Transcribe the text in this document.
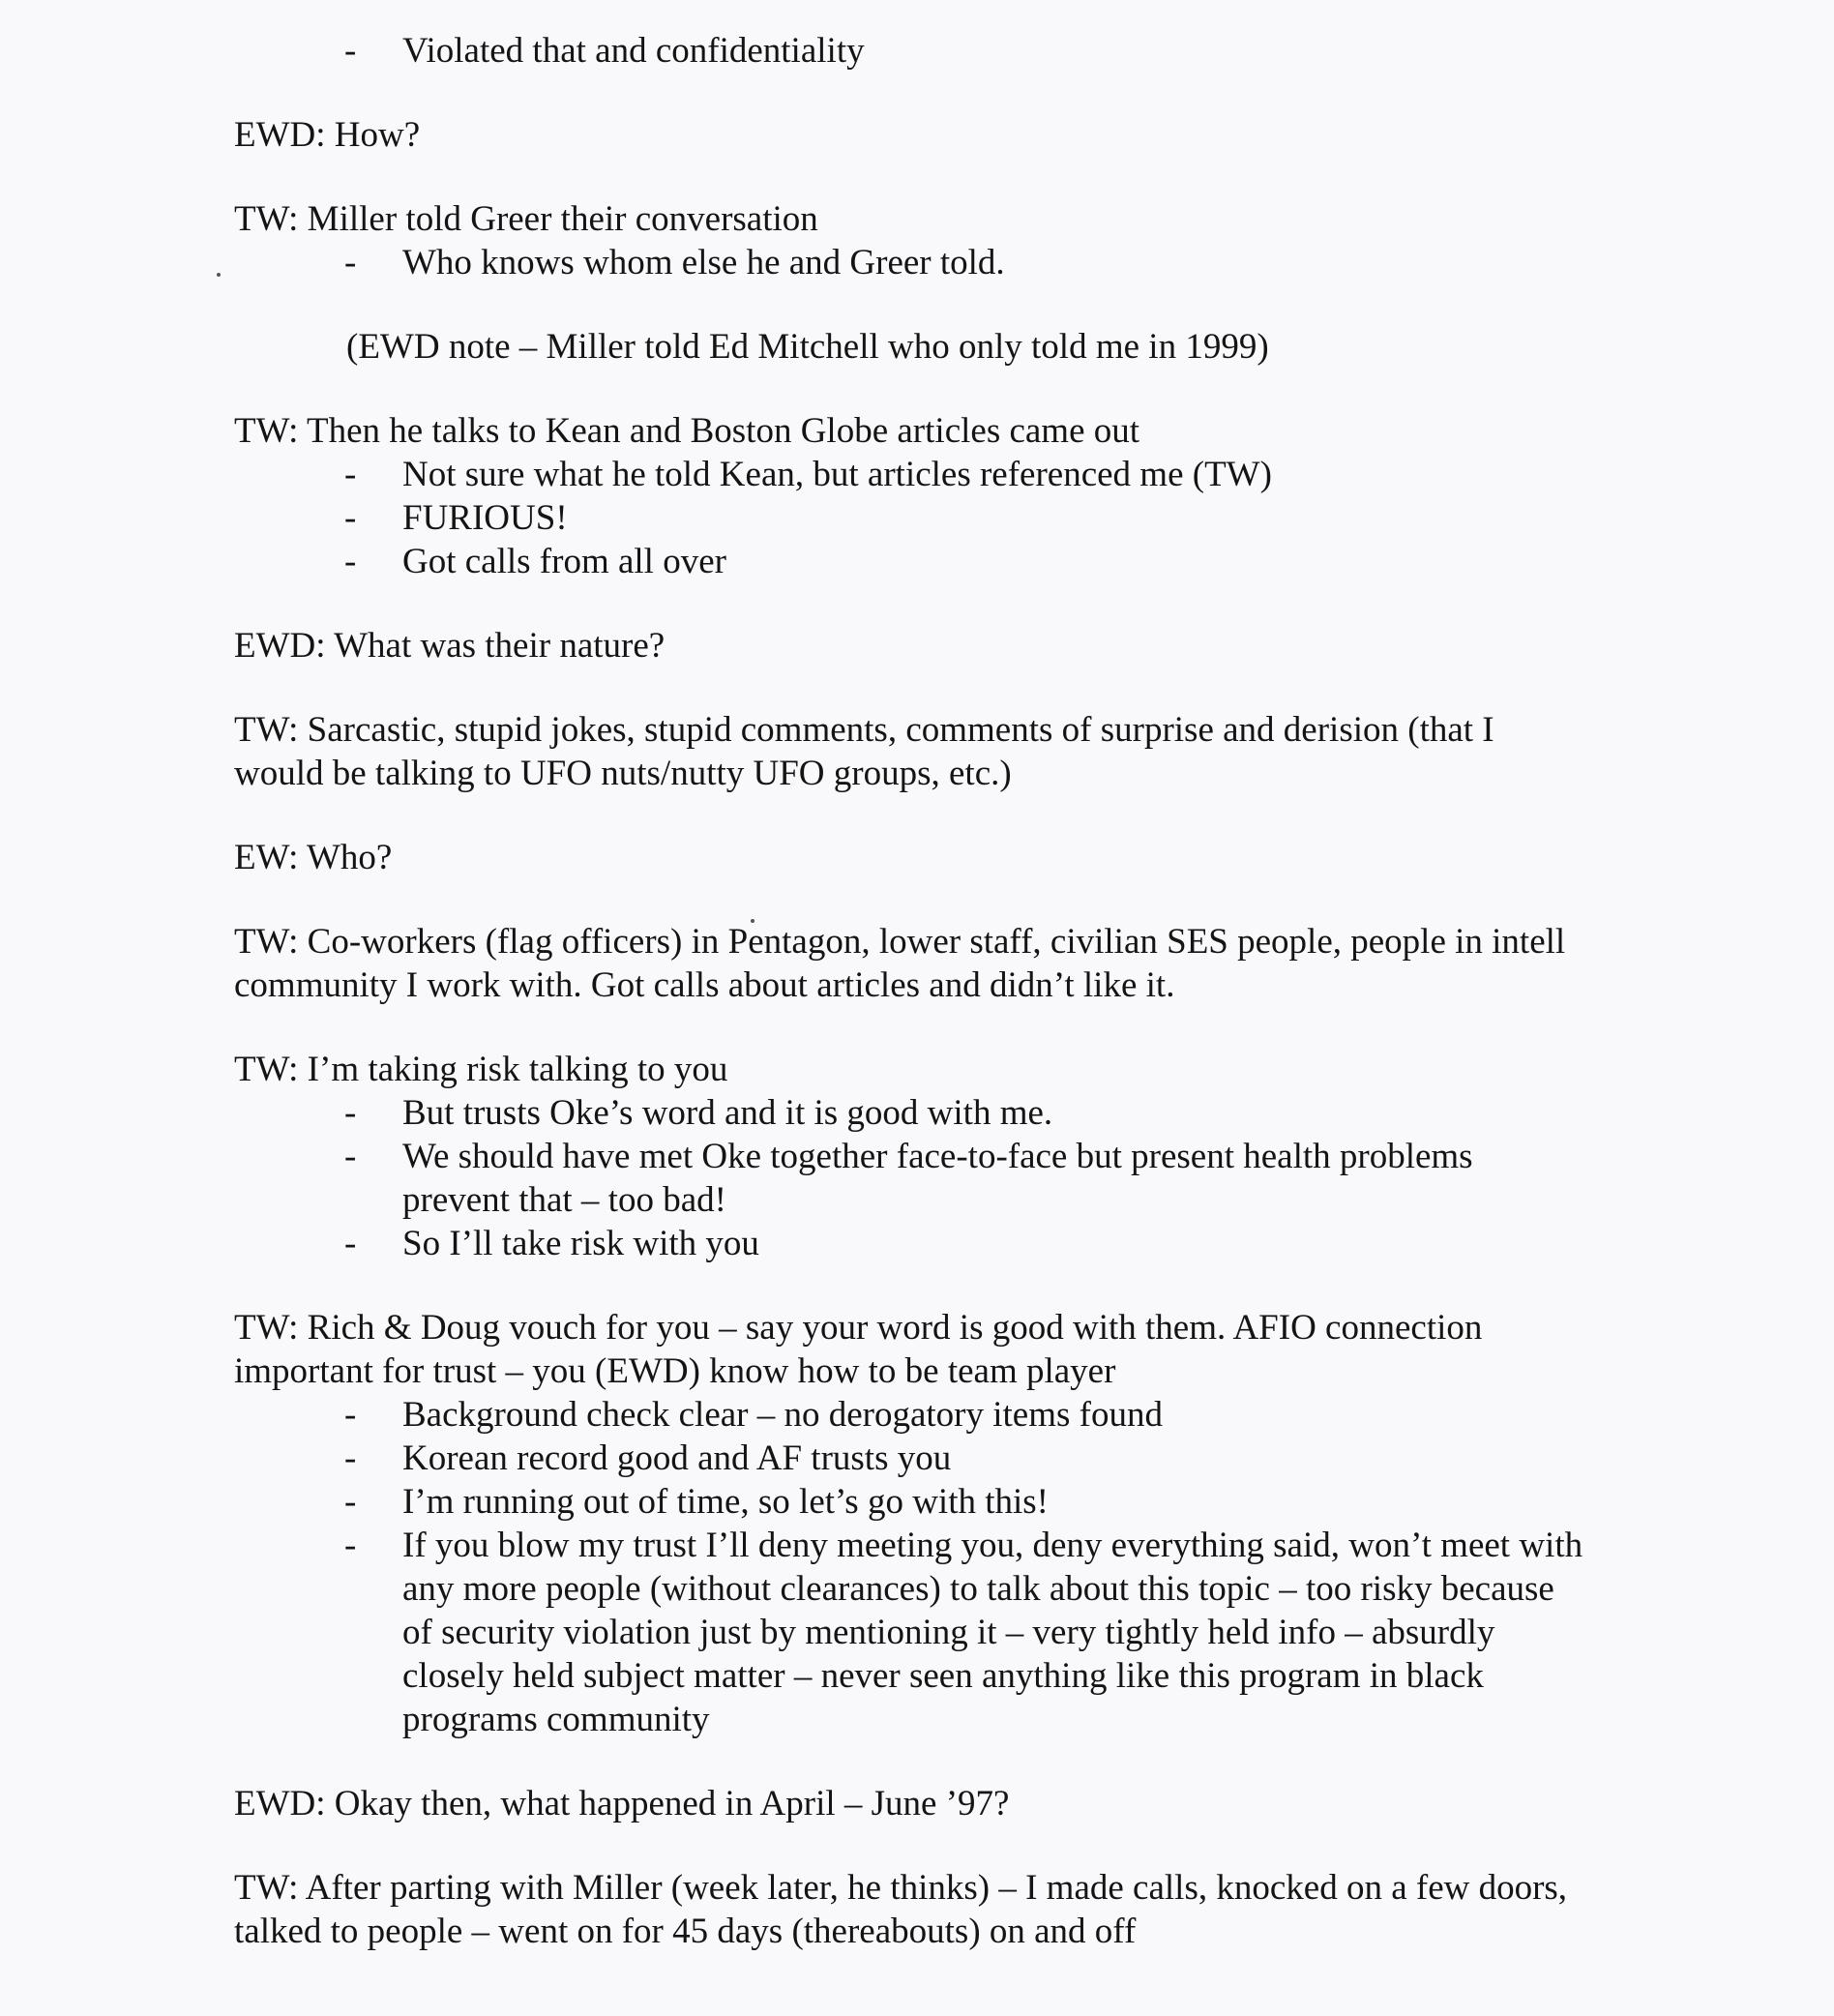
- Violated that and confidentiality

EWD: How?

TW: Miller told Greer their conversation

- Who knows whom else he and Greer told.

(EWD note – Miller told Ed Mitchell who only told me in 1999)

TW: Then he talks to Kean and Boston Globe articles came out

- Not sure what he told Kean, but articles referenced me (TW)
- FURIOUS!
- Got calls from all over

EWD: What was their nature?

TW: Sarcastic, stupid jokes, stupid comments, comments of surprise and derision (that I would be talking to UFO nuts/nutty UFO groups, etc.)

EW: Who?

TW: Co-workers (flag officers) in Pentagon, lower staff, civilian SES people, people in intell community I work with. Got calls about articles and didn’t like it.

TW: I’m taking risk talking to you

- But trusts Oke’s word and it is good with me.
- We should have met Oke together face-to-face but present health problems prevent that – too bad!
- So I’ll take risk with you

TW: Rich & Doug vouch for you – say your word is good with them. AFIO connection important for trust – you (EWD) know how to be team player

- Background check clear – no derogatory items found
- Korean record good and AF trusts you
- I’m running out of time, so let’s go with this!
- If you blow my trust I’ll deny meeting you, deny everything said, won’t meet with any more people (without clearances) to talk about this topic – too risky because of security violation just by mentioning it – very tightly held info – absurdly closely held subject matter – never seen anything like this program in black programs community

EWD: Okay then, what happened in April – June ’97?

TW: After parting with Miller (week later, he thinks) – I made calls, knocked on a few doors, talked to people – went on for 45 days (thereabouts) on and off
